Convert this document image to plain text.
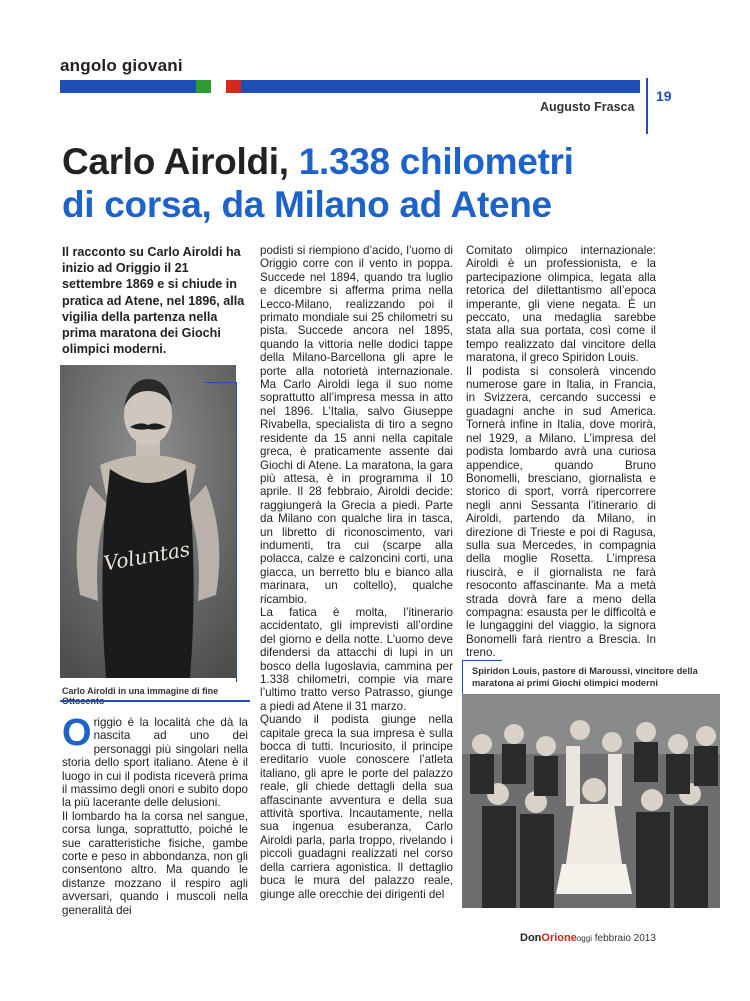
angolo giovani
Augusto Frasca
19
Carlo Airoldi, 1.338 chilometri
di corsa, da Milano ad Atene
Il racconto su Carlo Airoldi ha inizio ad Origgio il 21 settembre 1869 e si chiude in pratica ad Atene, nel 1896, alla vigilia della partenza nella prima maratona dei Giochi olimpici moderni.
Voluntas
Carlo Airoldi in una immagine di fine

Origgio è la località che dà la nascita ad uno dei personaggi più singolari nella storia dello sport italiano. Atene è il luogo in cui il podista riceverà prima il massimo degli onori e subito dopo la più lacerante delle delusioni.

Il lombardo ha la corsa nel sangue, corsa lunga, soprattutto, poiché le sue caratteristiche fisiche, gambe corte e peso in abbondanza, non gli consentono altro. Ma quando le distanze mozzano il respiro agli avversari, quando i muscoli nella generalità dei

podisti si riempiono d’acido, l’uomo di Origgio corre con il vento in poppa. Succede nel 1894, quando tra luglio e dicembre si afferma prima nella Lecco-Milano, realizzando poi il primato mondiale sui 25 chilometri su pista. Succede ancora nel 1895, quando la vittoria nelle dodici tappe della Milano-Barcellona gli apre le porte alla notorietà internazionale. Ma Carlo Airoldi lega il suo nome soprattutto all’impresa messa in atto nel 1896. L’Italia, salvo Giuseppe Rivabella, specialista di tiro a segno residente da 15 anni nella capitale greca, è praticamente assente dai Giochi di Atene. La maratona, la gara più attesa, è in programma il 10 aprile. Il 28 febbraio, Airoldi decide: raggiungerà la Grecia a piedi. Parte da Milano con qualche lira in tasca, un libretto di riconoscimento, vari indumenti, tra cui (scarpe alla polacca, calze e calzoncini corti, una giacca, un berretto blu e bianco alla marinara, un coltello), qualche ricambio.

La fatica è molta, l’itinerario accidentato, gli imprevisti all’ordine del giorno e della notte. L’uomo deve difendersi da attacchi di lupi in un bosco della Iugoslavia, cammina per 1.338 chilometri, compie via mare l’ultimo tratto verso Patrasso, giunge a piedi ad Atene il 31 marzo.

Quando il podista giunge nella capitale greca la sua impresa è sulla bocca di tutti. Incuriosito, il principe ereditario vuole conoscere l’atleta italiano, gli apre le porte del palazzo reale, gli chiede dettagli della sua affascinante avventura e della sua attività sportiva. Incautamente, nella sua ingenua esuberanza, Carlo Airoldi parla, parla troppo, rivelando i piccoli guadagni realizzati nel corso della carriera agonistica. Il dettaglio buca le mura del palazzo reale, giunge alle orecchie dei dirigenti del

Comitato olimpico internazionale: Airoldi è un professionista, e la partecipazione olimpica, legata alla retorica del dilettantismo all’epoca imperante, gli viene negata. È un peccato, una medaglia sarebbe stata alla sua portata, così come il tempo realizzato dal vincitore della maratona, il greco Spiridon Louis.

Il podista si consolerà vincendo numerose gare in Italia, in Francia, in Svizzera, cercando successi e guadagni anche in sud America. Tornerà infine in Italia, dove morirà, nel 1929, a Milano. L’impresa del podista lombardo avrà una curiosa appendice, quando Bruno Bonomelli, bresciano, giornalista e storico di sport, vorrà ripercorrere negli anni Sessanta l’itinerario di Airoldi, partendo da Milano, in direzione di Trieste e poi di Ragusa, sulla sua Mercedes, in compagnia della moglie Rosetta. L’impresa riuscirà, e il giornalista ne farà resoconto affascinante. Ma a metà strada dovrà fare a meno della compagna: esausta per le difficoltà e le lungaggini del viaggio, la signora Bonomelli farà rientro a Brescia. In treno.

Spiridon Louis, pastore di Maroussi, vincitore della maratona ai primi Giochi olimpici moderni
DonOrioneoggi febbraio 2013
